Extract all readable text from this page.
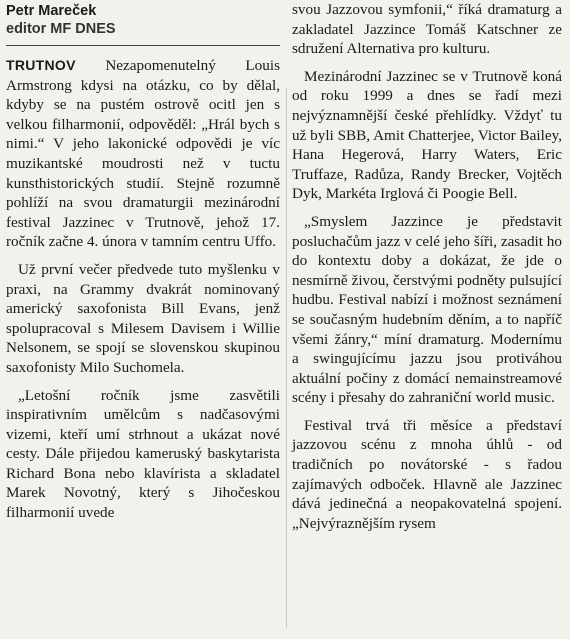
Petr Mareček
editor MF DNES

TRUTNOV Nezapomenutelný Louis Armstrong kdysi na otázku, co by dělal, kdyby se na pustém ostrově ocitl jen s velkou filharmonií, odpověděl: „Hrál bych s nimi.“ V jeho lakonické odpovědi je víc muzikantské moudrosti než v tuctu kunsthistorických studií. Stejně rozumně pohlíží na svou dramaturgii mezinárodní festival Jazzinec v Trutnově, jehož 17. ročník začne 4. února v tamním centru Uffo.

Už první večer předvede tuto myšlenku v praxi, na Grammy dvakrát nominovaný americký saxofonista Bill Evans, jenž spolupracoval s Milesem Davisem i Willie Nelsonem, se spojí se slovenskou skupinou saxofonisty Milo Suchomela.

„Letošní ročník jsme zasvětili inspirativním umělcům s nadčasovými vizemi, kteří umí strhnout a ukázat nové cesty. Dále přijedou kameruský baskytarista Richard Bona nebo klavírista a skladatel Marek Novotný, který s Jihočeskou filharmonií uvede

svou Jazzovou symfonii,“ říká dramaturg a zakladatel Jazzince Tomáš Katschner ze sdružení Alternativa pro kulturu.

Mezinárodní Jazzinec se v Trutnově koná od roku 1999 a dnes se řadí mezi nejvýznamnější české přehlídky. Vždyť tu už byli SBB, Amit Chatterjee, Victor Bailey, Hana Hegerová, Harry Waters, Eric Truffaze, Radůza, Randy Brecker, Vojtěch Dyk, Markéta Irglová či Poogie Bell.

„Smyslem Jazzince je představit posluchačům jazz v celé jeho šíři, zasadit ho do kontextu doby a dokázat, že jde o nesmírně živou, čerstvými podněty pulsující hudbu. Festival nabízí i možnost seznámení se současným hudebním děním, a to napříč všemi žánry,“ míní dramaturg. Modernímu a swingujícímu jazzu jsou protiváhou aktuální počiny z domácí nemainstreamové scény i přesahy do zahraniční world music.

Festival trvá tři měsíce a představí jazzovou scénu z mnoha úhlů - od tradičních po novátorské - s řadou zajímavých odboček. Hlavně ale Jazzinec dává jedinečná a neopakovatelná spojení. „Nejvýraznějším rysem
